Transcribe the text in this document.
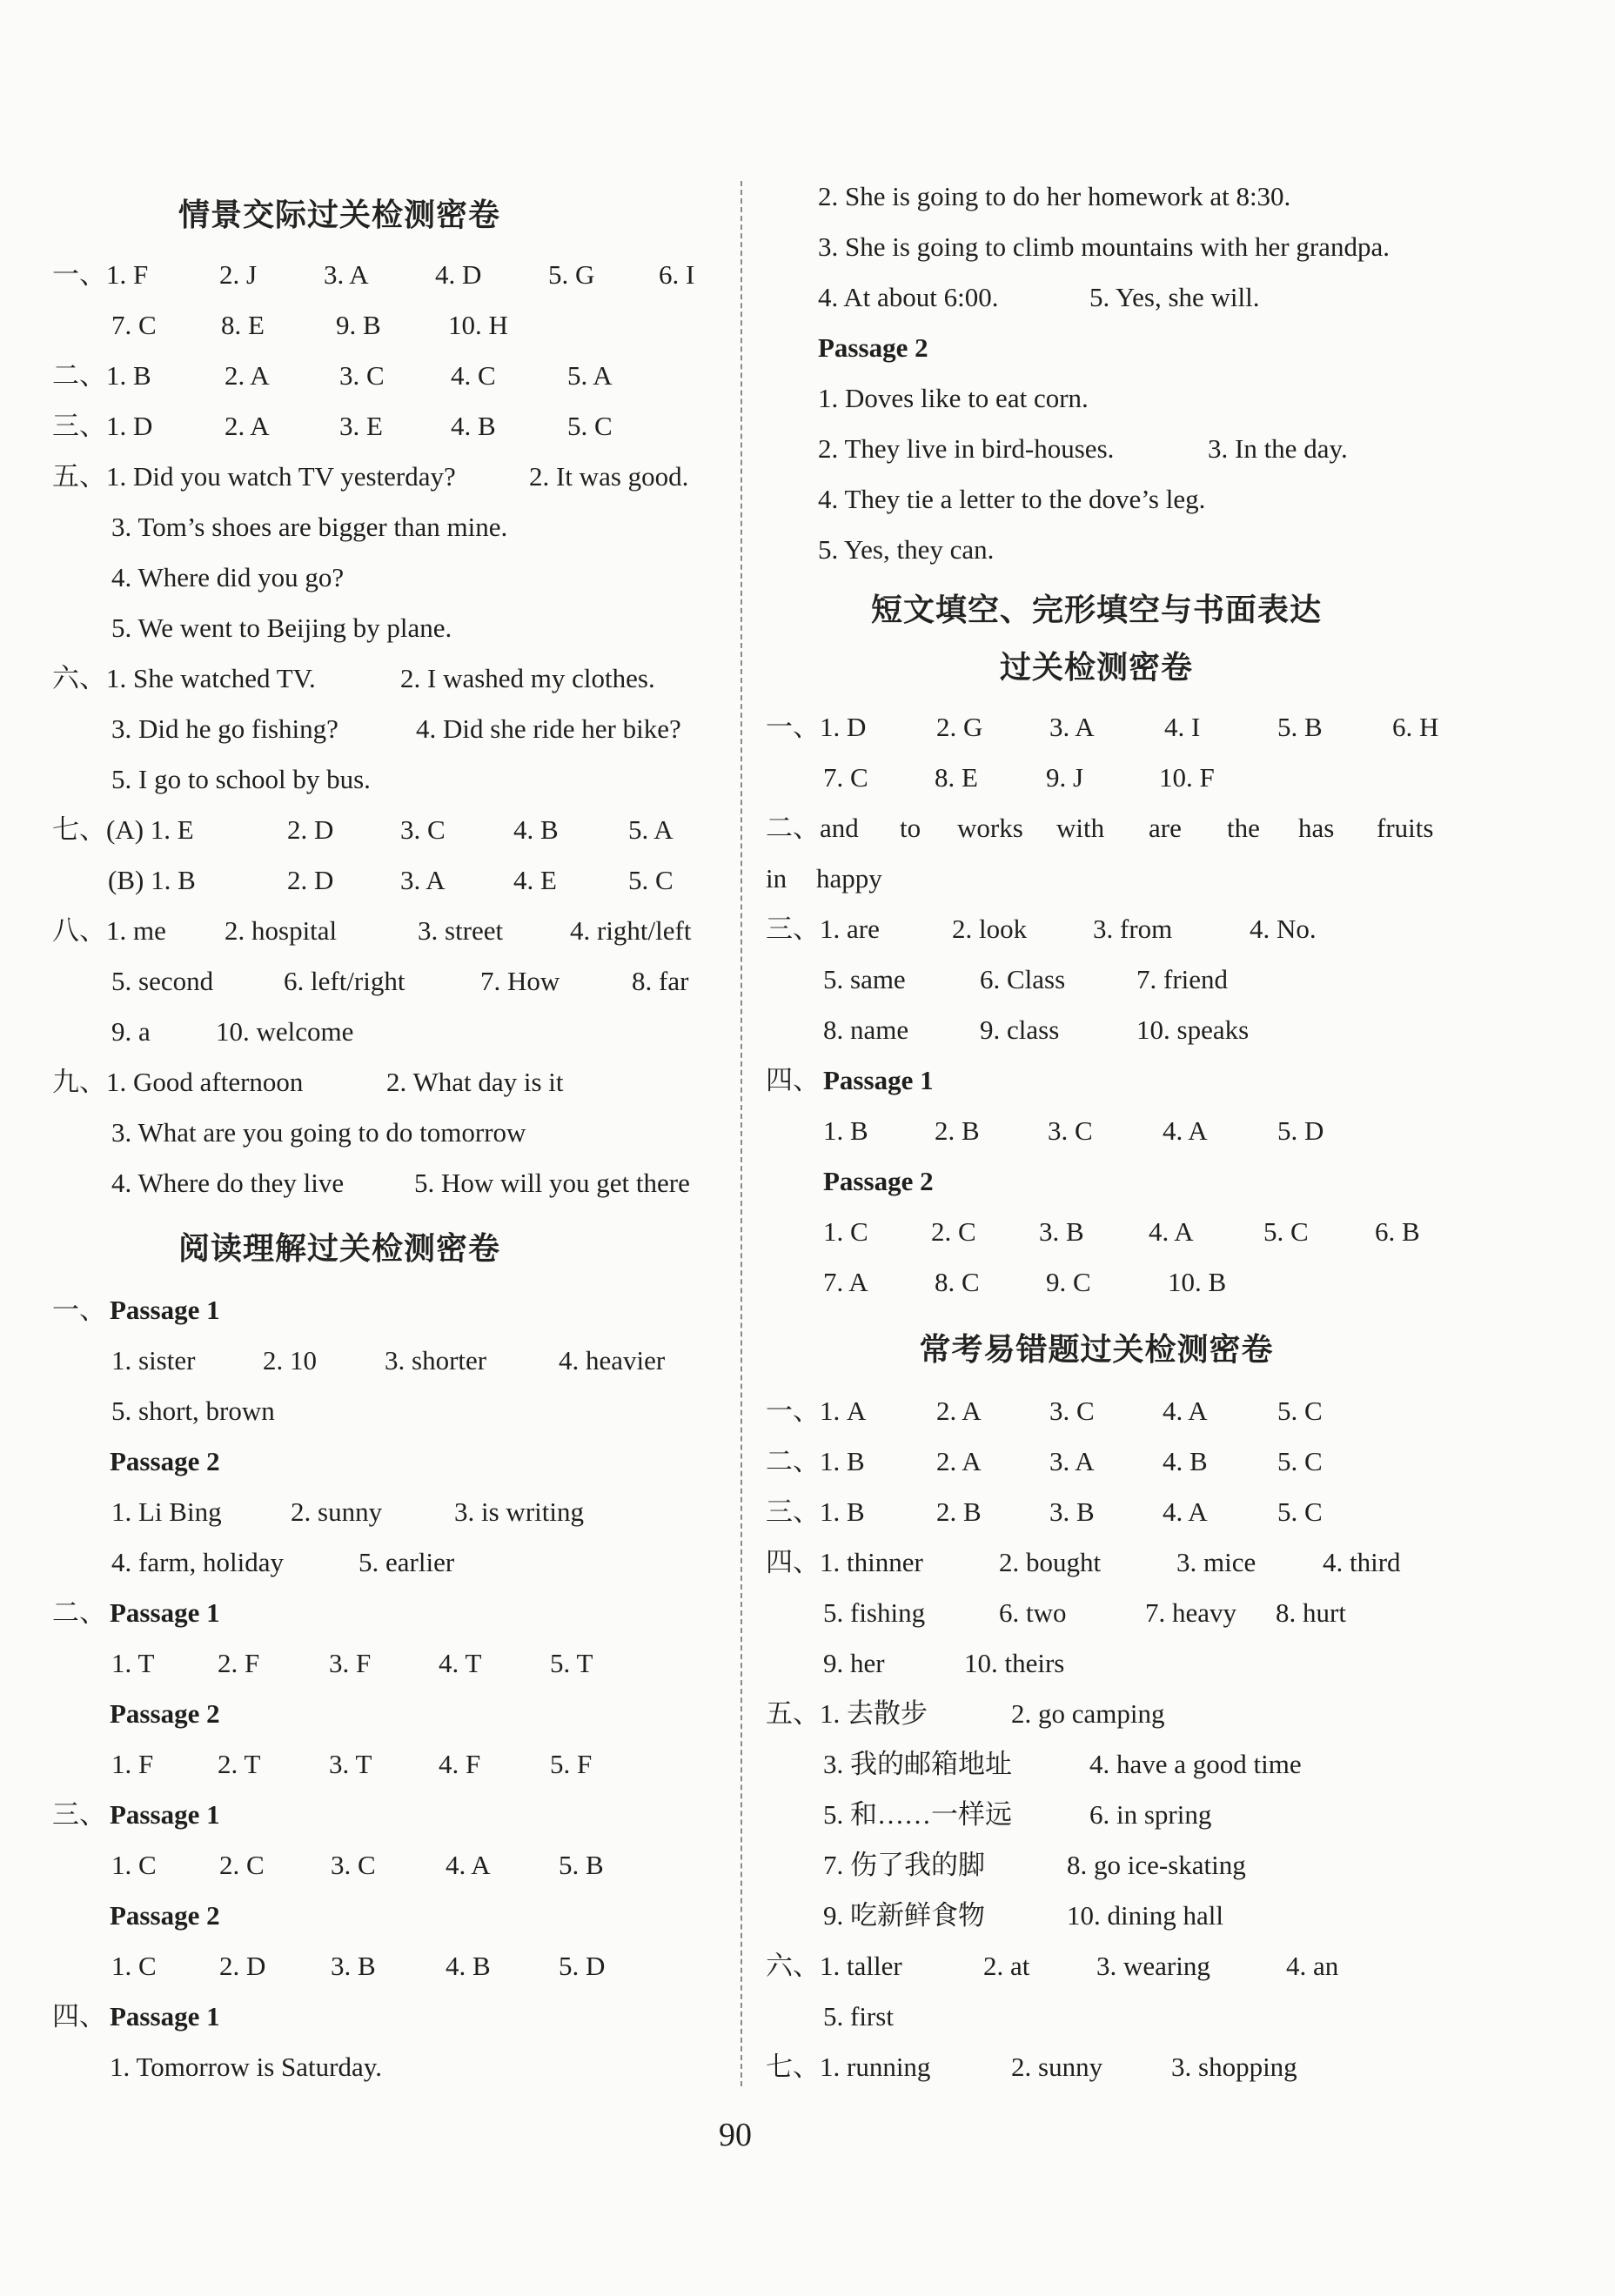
情景交际过关检测密卷
一、1. F	2. J 3. A 4. D 5. G 6. I
7. C 8. E	9. B 10. H
二、1. B	2. A	3. C 4. C	5. A
三、1. D	2. A	3. E	4. B	5. C
五、1. Did you watch TV yesterday?	2. It was good.
3. Tom’s shoes are bigger than mine.
4. Where did you go?
5. We went to Beijing by plane.
六、1. She watched TV.	2. I washed my clothes.
3. Did he go fishing?	4. Did she ride her bike?
5. I go to school by bus.
七、(A) 1. E	2. D 3. C	4. B	5. A
(B) 1. B	2. D 3. A	4. E	5. C
八、1. me 2. hospital	3. street 4. right/left
5. second	6. left/right	7. How	8. far
9. a 10. welcome
九、1. Good afternoon	2. What day is it
3. What are you going to do tomorrow
4. Where do they live	5. How will you get there
阅读理解过关检测密卷
一、 Passage 1
1. sister	2. 10	3. shorter	4. heavier
5. short, brown
Passage 2
1. Li Bing	2. sunny	3. is writing
4. farm, holiday	5. earlier
二、 Passage 1
1. T 2. F	3. F	4. T	5. T
Passage 2
1. F 2. T	3. T 4. F	5. F
三、 Passage 1
1. C 2. C 3. C	4. A	5. B
Passage 2
1. C 2. D 3. B	4. B	5. D
四、 Passage 1
1. Tomorrow is Saturday.
2. She is going to do her homework at 8:30.
3. She is going to climb mountains with her grandpa.
4. At about 6:00.	5. Yes, she will.
Passage 2
1. Doves like to eat corn.
2. They live in bird-houses.	3. In the day.
4. They tie a letter to the dove’s leg.
5. Yes, they can.
短文填空、完形填空与书面表达
过关检测密卷
一、1. D	2. G 3. A	4. I	5. B	6. H
7. C 8. E	9. J	10. F
二、and to works with are the has fruits
in happy
三、1. are	2. look 3. from	4. No.
5. same	6. Class	7. friend
8. name	9. class	10. speaks
四、 Passage 1
1. B 2. B	3. C	4. A	5. D
Passage 2
1. C 2. C 3. B 4. A	5. C 6. B
7. A 8. C 9. C	10. B
常考易错题过关检测密卷
一、1. A	2. A	3. C	4. A	5. C
二、1. B	2. A	3. A	4. B	5. C
三、1. B	2. B	3. B	4. A	5. C
四、1. thinner	2. bought	3. mice 4. third
5. fishing	6. two	7. heavy 8. hurt
9. her	10. theirs
五、1. 去散步	2. go camping
3. 我的邮箱地址	4. have a good time
5. 和……一样远	6. in spring
7. 伤了我的脚	8. go ice-skating
9. 吃新鲜食物	10. dining hall
六、1. taller	2. at 3. wearing	4. an
5. first
七、1. running	2. sunny	3. shopping
90
